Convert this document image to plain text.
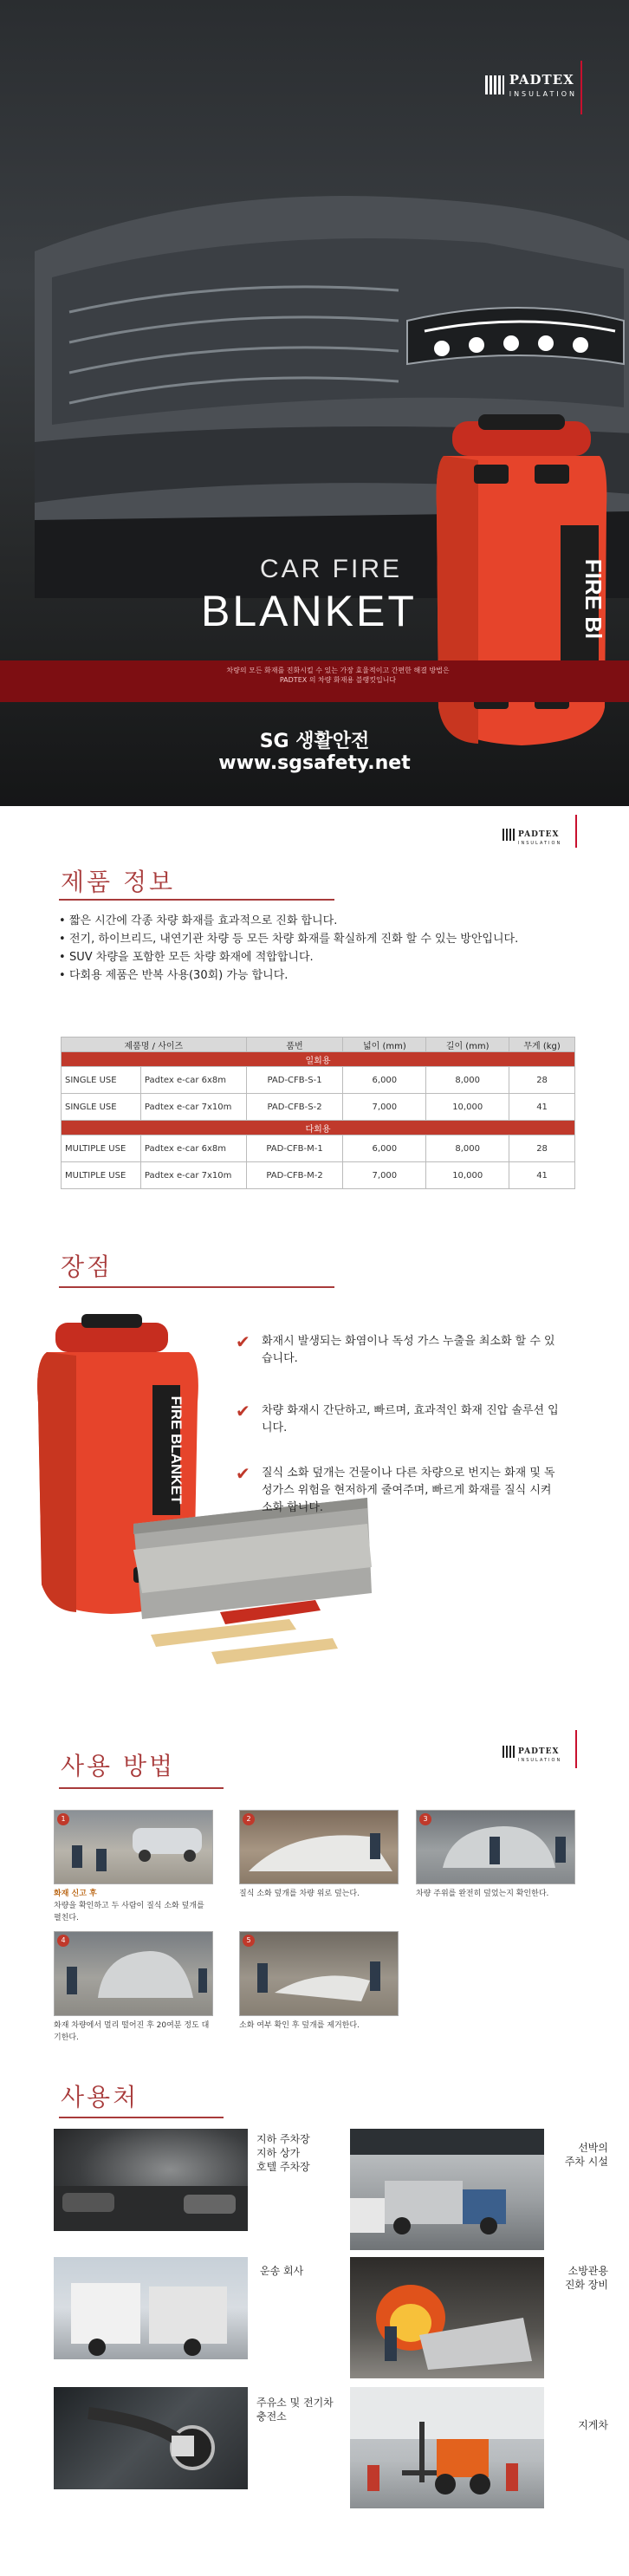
PADTEX
INSULATION
FIRE Bl
CAR FIRE
BLANKET
차량의 모든 화재를 진화시킬 수 있는 가장 효율적이고 간편한 해결 방법은 PADTEX 의 차량 화재용 블랭킷입니다
SG 생활안전
www.sgsafety.net
PADTEX
INSULATION
제품 정보
• 짧은 시간에 각종 차량 화재를 효과적으로 진화 합니다.
• 전기, 하이브리드, 내연기관 차량 등 모든 차량 화재를 확실하게 진화 할 수 있는 방안입니다.
• SUV 차량을 포함한 모든 차량 화재에 적합합니다.
• 다회용 제품은 반복 사용(30회) 가능 합니다.
제품명 / 사이즈		품번	넓이 (mm)	길이 (mm)	무게 (kg)
일회용					
SINGLE USE	Padtex e-car 6x8m	PAD-CFB-S-1	6,000	8,000	28
SINGLE USE	Padtex e-car 7x10m	PAD-CFB-S-2	7,000	10,000	41
다회용					
MULTIPLE USE	Padtex e-car 6x8m	PAD-CFB-M-1	6,000	8,000	28
MULTIPLE USE	Padtex e-car 7x10m	PAD-CFB-M-2	7,000	10,000	41
장점
FIRE BLANKET
✔ 화재시 발생되는 화염이나 독성 가스 누출을 최소화 할 수 있습니다.
✔ 차량 화재시 간단하고, 빠르며, 효과적인 화재 진압 솔루션 입니다.
✔ 질식 소화 덮개는 건물이나 다른 차량으로 번지는 화재 및 독성가스 위험을 현저하게 줄여주며, 빠르게 화재를 질식 시켜 소화 합니다.
PADTEX
INSULATION
사용 방법
1
화재 신고 후
차량을 확인하고 두 사람이 질식 소화 덮개를 펼친다.
2
질식 소화 덮개를 차량 위로 덮는다.
3
차량 주위를 완전히 덮었는지 확인한다.
4
화재 차량에서 멀리 떨어진 후 20여분 정도 대기한다.
5
소화 여부 확인 후 덮개를 제거한다.
사용처
지하 주차장
지하 상가
호텔 주차장
선박의
주차 시설
운송 회사	소방관용
진화 장비
주유소 및 전기차
충전소
지게차
